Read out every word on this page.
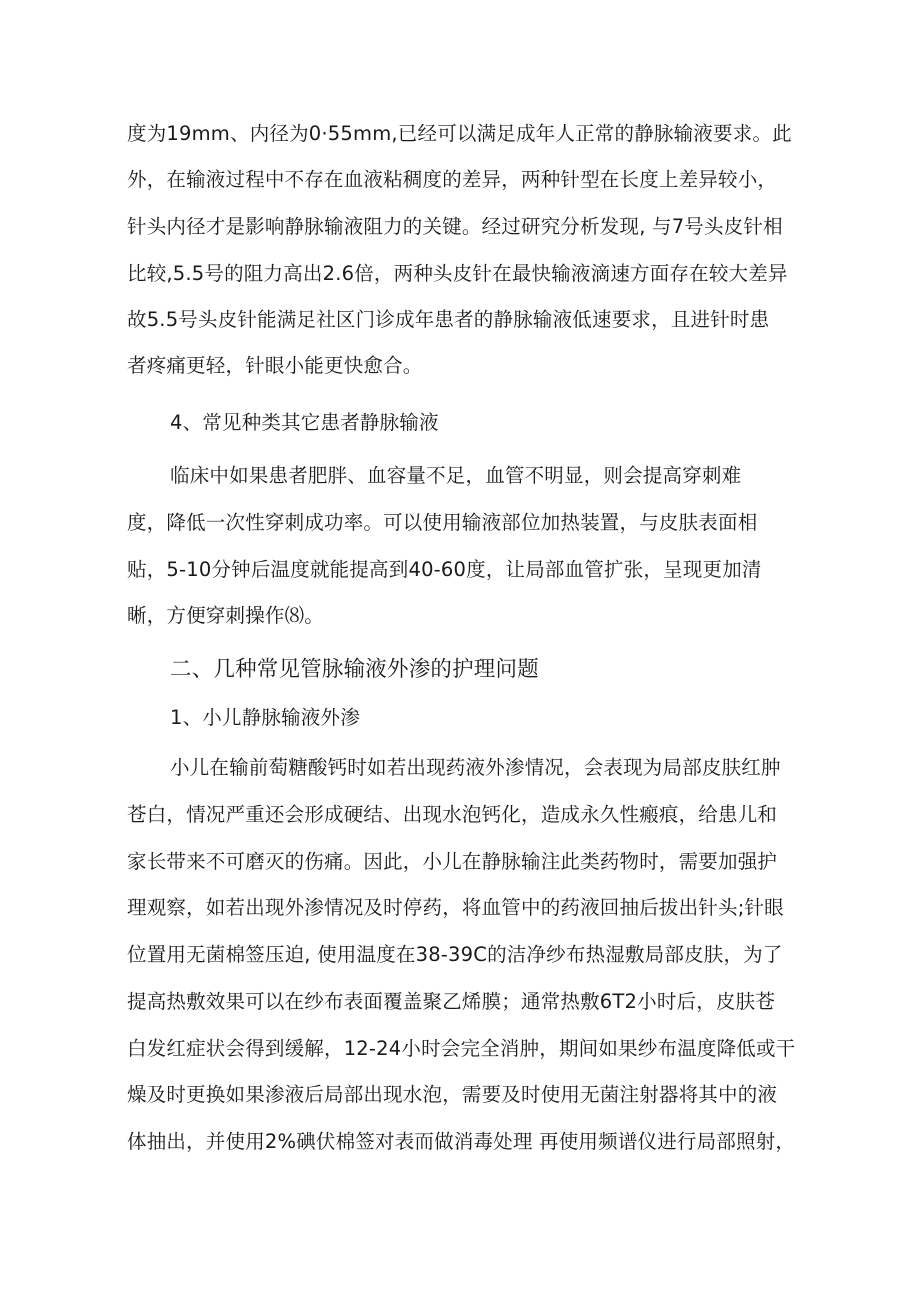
度为19mm、内径为0·55mm,已经可以满足成年人正常的静脉输液要求。此
外，在输液过程中不存在血液粘稠度的差异，两种针型在长度上差异较小，
针头内径才是影响静脉输液阻力的关键。经过研究分析发现, 与7号头皮针相
比较,5.5号的阻力高出2.6倍，两种头皮针在最快输液滴速方面存在较大差异
故5.5号头皮针能满足社区门诊成年患者的静脉输液低速要求，且进针时患
者疼痛更轻，针眼小能更快愈合。
4、常见种类其它患者静脉输液
临床中如果患者肥胖、血容量不足，血管不明显，则会提高穿刺难
度，降低一次性穿刺成功率。可以使用输液部位加热装置，与皮肤表面相
贴，5-10分钟后温度就能提高到40-60度，让局部血管扩张，呈现更加清
晰，方便穿刺操作⑻。
二、几种常见管脉输液外渗的护理问题
1、小儿静脉输液外渗
小儿在输前萄糖酸钙时如若出现药液外渗情况，会表现为局部皮肤红肿
苍白，情况严重还会形成硬结、出现水泡钙化，造成永久性瘢痕，给患儿和
家长带来不可磨灭的伤痛。因此，小儿在静脉输注此类药物时，需要加强护
理观察，如若出现外渗情况及时停药，将血管中的药液回抽后拔出针头;针眼
位置用无菌棉签压迫, 使用温度在38-39C的洁净纱布热湿敷局部皮肤，为了
提高热敷效果可以在纱布表面覆盖聚乙烯膜；通常热敷6T2小时后，皮肤苍
白发红症状会得到缓解，12-24小时会完全消肿，期间如果纱布温度降低或干
燥及时更换如果渗液后局部出现水泡，需要及时使用无菌注射器将其中的液
体抽出，并使用2%碘伏棉签对表而做消毒处理 再使用频谱仪进行局部照射，
